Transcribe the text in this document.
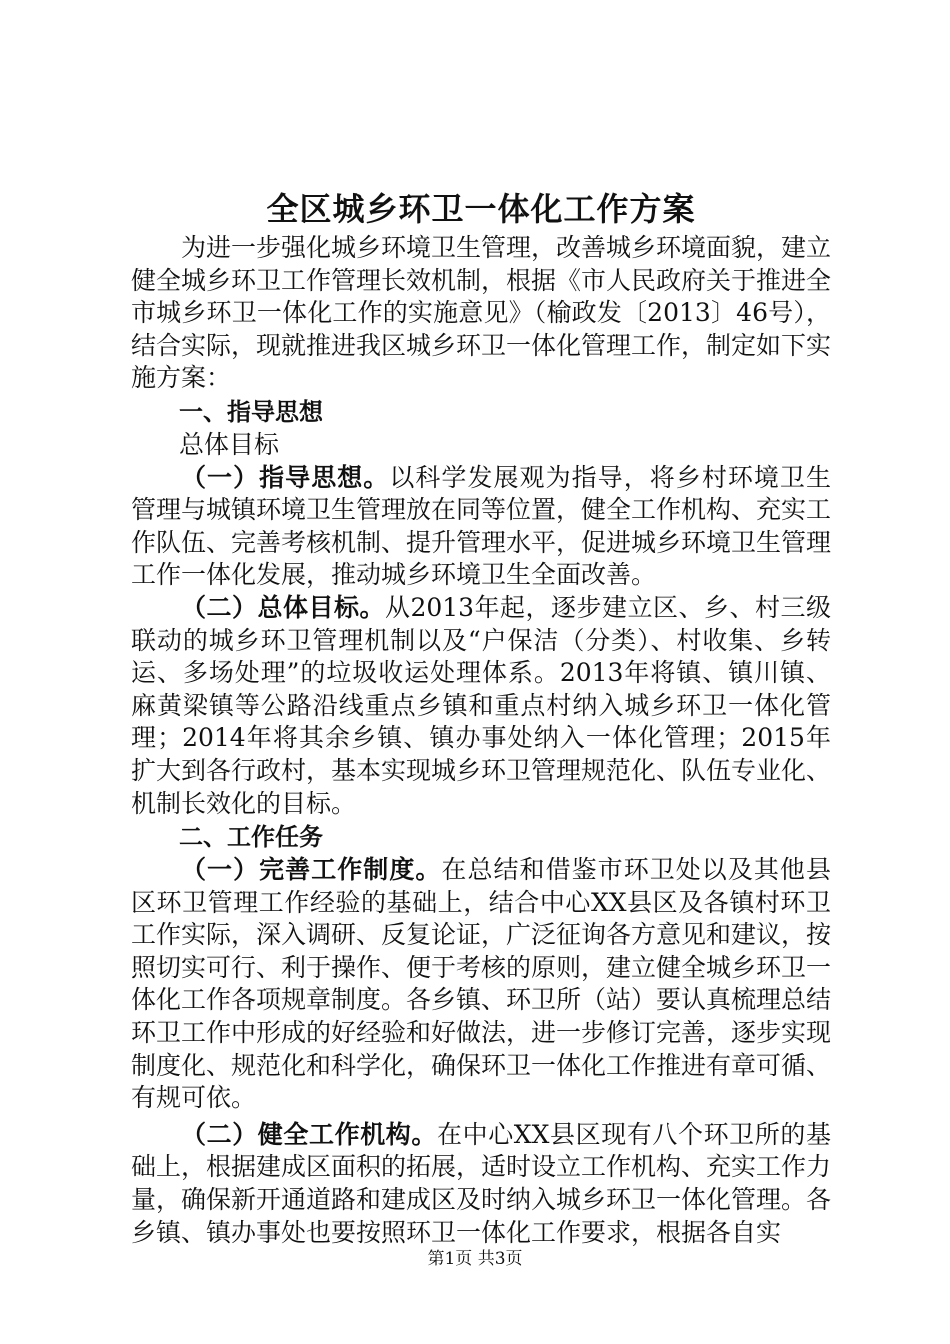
全区城乡环卫一体化工作方案

为进一步强化城乡环境卫生管理，改善城乡环境面貌，建立健全城乡环卫工作管理长效机制，根据《市人民政府关于推进全市城乡环卫一体化工作的实施意见》（榆政发〔2013〕46号），结合实际，现就推进我区城乡环卫一体化管理工作，制定如下实施方案：

一、指导思想

总体目标

（一）指导思想。以科学发展观为指导，将乡村环境卫生管理与城镇环境卫生管理放在同等位置，健全工作机构、充实工作队伍、完善考核机制、提升管理水平，促进城乡环境卫生管理工作一体化发展，推动城乡环境卫生全面改善。

（二）总体目标。从2013年起，逐步建立区、乡、村三级联动的城乡环卫管理机制以及“户保洁（分类）、村收集、乡转运、多场处理”的垃圾收运处理体系。2013年将镇、镇川镇、麻黄梁镇等公路沿线重点乡镇和重点村纳入城乡环卫一体化管理；2014年将其余乡镇、镇办事处纳入一体化管理；2015年扩大到各行政村，基本实现城乡环卫管理规范化、队伍专业化、机制长效化的目标。

二、工作任务

（一）完善工作制度。在总结和借鉴市环卫处以及其他县区环卫管理工作经验的基础上，结合中心XX县区及各镇村环卫工作实际，深入调研、反复论证，广泛征询各方意见和建议，按照切实可行、利于操作、便于考核的原则，建立健全城乡环卫一体化工作各项规章制度。各乡镇、环卫所（站）要认真梳理总结环卫工作中形成的好经验和好做法，进一步修订完善，逐步实现制度化、规范化和科学化，确保环卫一体化工作推进有章可循、有规可依。

（二）健全工作机构。在中心XX县区现有八个环卫所的基础上，根据建成区面积的拓展，适时设立工作机构、充实工作力量，确保新开通道路和建成区及时纳入城乡环卫一体化管理。各乡镇、镇办事处也要按照环卫一体化工作要求，根据各自实

第1页 共3页
